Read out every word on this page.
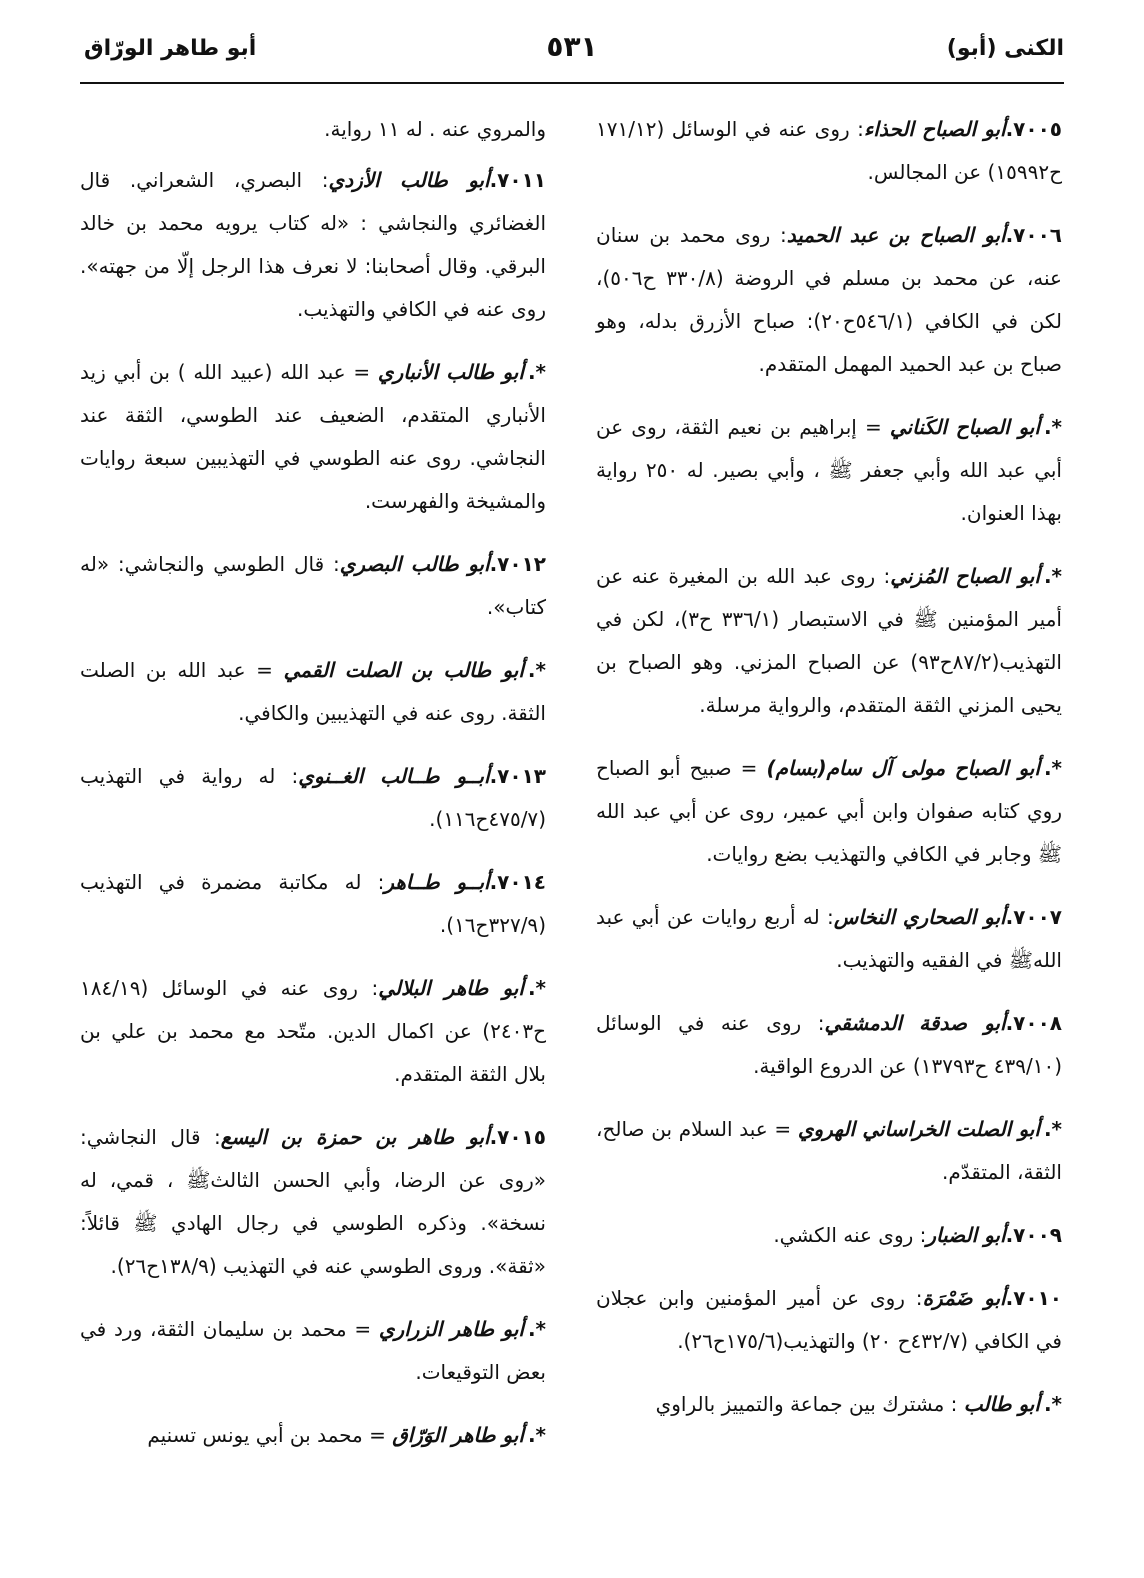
الكنى (أبو)
٥٣١
أبو طاهر الورّاق

٧٠٠٥.أبو الصباح الحذاء: روى عنه في الوسائل (١٧١/١٢ ح١٥٩٩٢) عن المجالس.

٧٠٠٦.أبو الصباح بن عبد الحميد: روى محمد بن سنان عنه، عن محمد بن مسلم في الروضة (٣٣٠/٨ ح٥٠٦)، لكن في الكافي (٥٤٦/١ح٢٠): صباح الأزرق بدله، وهو صباح بن عبد الحميد المهمل المتقدم.

*.أبو الصباح الكَناني = إبراهيم بن نعيم الثقة، روى عن أبي عبد الله وأبي جعفر ﷺ ، وأبي بصير. له ٢٥٠ رواية بهذا العنوان.

*.أبو الصباح المُزني: روى عبد الله بن المغيرة عنه عن أمير المؤمنين ﷺ في الاستبصار (٣٣٦/١ ح٣)، لكن في التهذيب(٨٧/٢ح٩٣) عن الصباح المزني. وهو الصباح بن يحيى المزني الثقة المتقدم، والرواية مرسلة.

*.أبو الصباح مولى آل سام(بسام) = صبيح أبو الصباح روي كتابه صفوان وابن أبي عمير، روى عن أبي عبد الله ﷺ وجابر في الكافي والتهذيب بضع روايات.

٧٠٠٧.أبو الصحاري النخاس: له أربع روايات عن أبي عبد اللهﷺ في الفقيه والتهذيب.

٧٠٠٨.أبو صدقة الدمشقي: روى عنه في الوسائل (٤٣٩/١٠ ح١٣٧٩٣) عن الدروع الواقية.

*.أبو الصلت الخراساني الهروي = عبد السلام بن صالح، الثقة، المتقدّم.

٧٠٠٩.أبو الضبار: روى عنه الكشي.

٧٠١٠.أبو ضَمْرَة: روى عن أمير المؤمنين وابن عجلان في الكافي (٤٣٢/٧ح ٢٠) والتهذيب(١٧٥/٦ح٢٦).

*.أبو طالب : مشترك بين جماعة والتمييز بالراوي

والمروي عنه . له ١١ رواية.

٧٠١١.أبو طالب الأزدي: البصري، الشعراني. قال الغضائري والنجاشي : «له كتاب يرويه محمد بن خالد البرقي. وقال أصحابنا: لا نعرف هذا الرجل إلّا من جهته». روى عنه في الكافي والتهذيب.

*.أبو طالب الأنباري = عبد الله (عبيد الله ) بن أبي زيد الأنباري المتقدم، الضعيف عند الطوسي، الثقة عند النجاشي. روى عنه الطوسي في التهذيبين سبعة روايات والمشيخة والفهرست.

٧٠١٢.أبو طالب البصري: قال الطوسي والنجاشي: «له كتاب».

*.أبو طالب بن الصلت القمي = عبد الله بن الصلت الثقة. روى عنه في التهذيبين والكافي.

٧٠١٣.أبــو طــالب الغــنوي: له رواية في التهذيب (٤٧٥/٧ح١١٦).

٧٠١٤.أبــو طــاهر: له مكاتبة مضمرة في التهذيب (٣٢٧/٩ح١٦).

*.أبو طاهر البلالي: روى عنه في الوسائل (١٨٤/١٩ ح٢٤٠٣) عن اكمال الدين. متّحد مع محمد بن علي بن بلال الثقة المتقدم.

٧٠١٥.أبو طاهر بن حمزة بن اليسع: قال النجاشي: «روى عن الرضا، وأبي الحسن الثالثﷺ ، قمي، له نسخة». وذكره الطوسي في رجال الهادي ﷺ قائلاً: «ثقة». وروى الطوسي عنه في التهذيب (١٣٨/٩ح٢٦).

*.أبو طاهر الزراري = محمد بن سليمان الثقة، ورد في بعض التوقيعات.

*.أبو طاهر الوَرّاق = محمد بن أبي يونس تسنيم
